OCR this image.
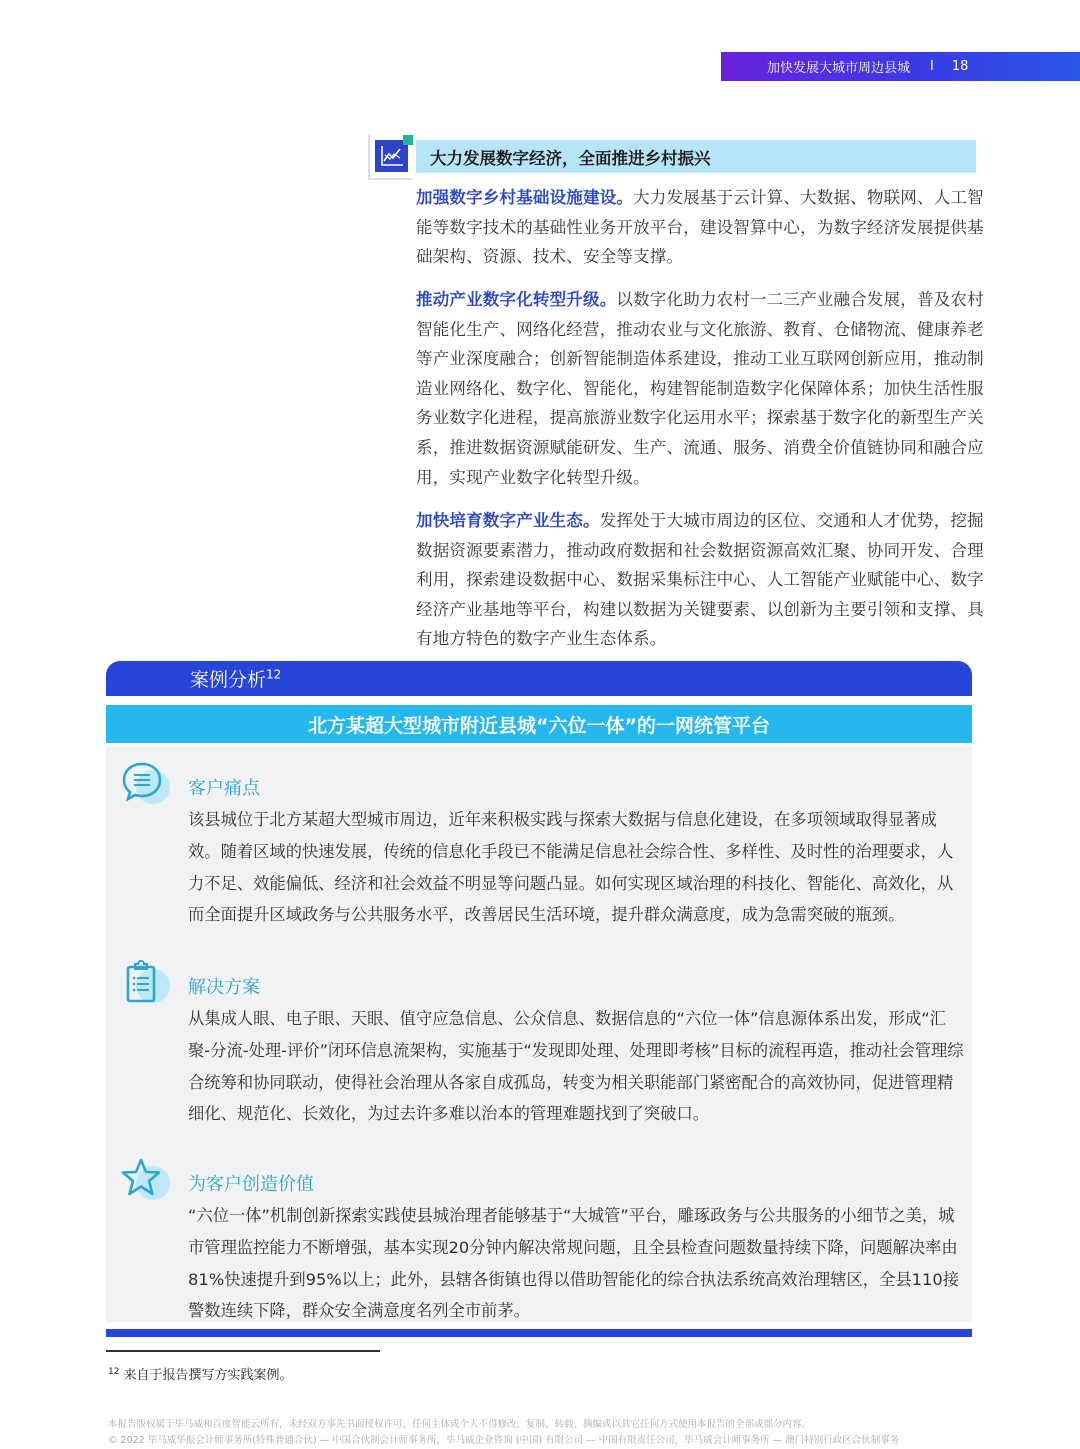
加快发展大城市周边县城 I 18
大力发展数字经济，全面推进乡村振兴
加强数字乡村基础设施建设。大力发展基于云计算、大数据、物联网、人工智能等数字技术的基础性业务开放平台，建设智算中心，为数字经济发展提供基础架构、资源、技术、安全等支撑。
推动产业数字化转型升级。以数字化助力农村一二三产业融合发展，普及农村智能化生产、网络化经营，推动农业与文化旅游、教育、仓储物流、健康养老等产业深度融合；创新智能制造体系建设，推动工业互联网创新应用，推动制造业网络化、数字化、智能化，构建智能制造数字化保障体系；加快生活性服务业数字化进程，提高旅游业数字化运用水平；探索基于数字化的新型生产关系，推进数据资源赋能研发、生产、流通、服务、消费全价值链协同和融合应用，实现产业数字化转型升级。
加快培育数字产业生态。发挥处于大城市周边的区位、交通和人才优势，挖掘数据资源要素潜力，推动政府数据和社会数据资源高效汇聚、协同开发、合理利用，探索建设数据中心、数据采集标注中心、人工智能产业赋能中心、数字经济产业基地等平台，构建以数据为关键要素、以创新为主要引领和支撑、具有地方特色的数字产业生态体系。
案例分析$^{12}$
北方某超大型城市附近县城“六位一体”的一网统管平台
客户痛点
该县城位于北方某超大型城市周边，近年来积极实践与探索大数据与信息化建设，在多项领域取得显著成效。随着区域的快速发展，传统的信息化手段已不能满足信息社会综合性、多样性、及时性的治理要求，人力不足、效能偏低、经济和社会效益不明显等问题凸显。如何实现区域治理的科技化、智能化、高效化，从而全面提升区域政务与公共服务水平，改善居民生活环境，提升群众满意度，成为急需突破的瓶颈。
解决方案
从集成人眼、电子眼、天眼、值守应急信息、公众信息、数据信息的“六位一体”信息源体系出发，形成“汇聚-分流-处理-评价”闭环信息流架构，实施基于“发现即处理、处理即考核”目标的流程再造，推动社会管理综合统筹和协同联动，使得社会治理从各家自成孤岛，转变为相关职能部门紧密配合的高效协同，促进管理精细化、规范化、长效化，为过去许多难以治本的管理难题找到了突破口。
为客户创造价值
“六位一体”机制创新探索实践使县城治理者能够基于“大城管”平台，雕琢政务与公共服务的小细节之美，城市管理监控能力不断增强，基本实现20分钟内解决常规问题，且全县检查问题数量持续下降，问题解决率由81%快速提升到95%以上；此外，县辖各街镇也得以借助智能化的综合执法系统高效治理辖区，全县110接警数连续下降，群众安全满意度名列全市前茅。
$^{12}$ 来自于报告撰写方实践案例。
本报告版权属于毕马威和百度智能云所有，未经双方事先书面授权许可，任何主体或个人不得修改、复制、转载、摘编或以其它任何方式使用本报告的全部或部分内容。
© 2022 毕马威华振会计师事务所(特殊普通合伙) — 中国合伙制会计师事务所，毕马威企业咨询 (中国) 有限公司 — 中国有限责任公司，毕马威会计师事务所 — 澳门特别行政区合伙制事务
